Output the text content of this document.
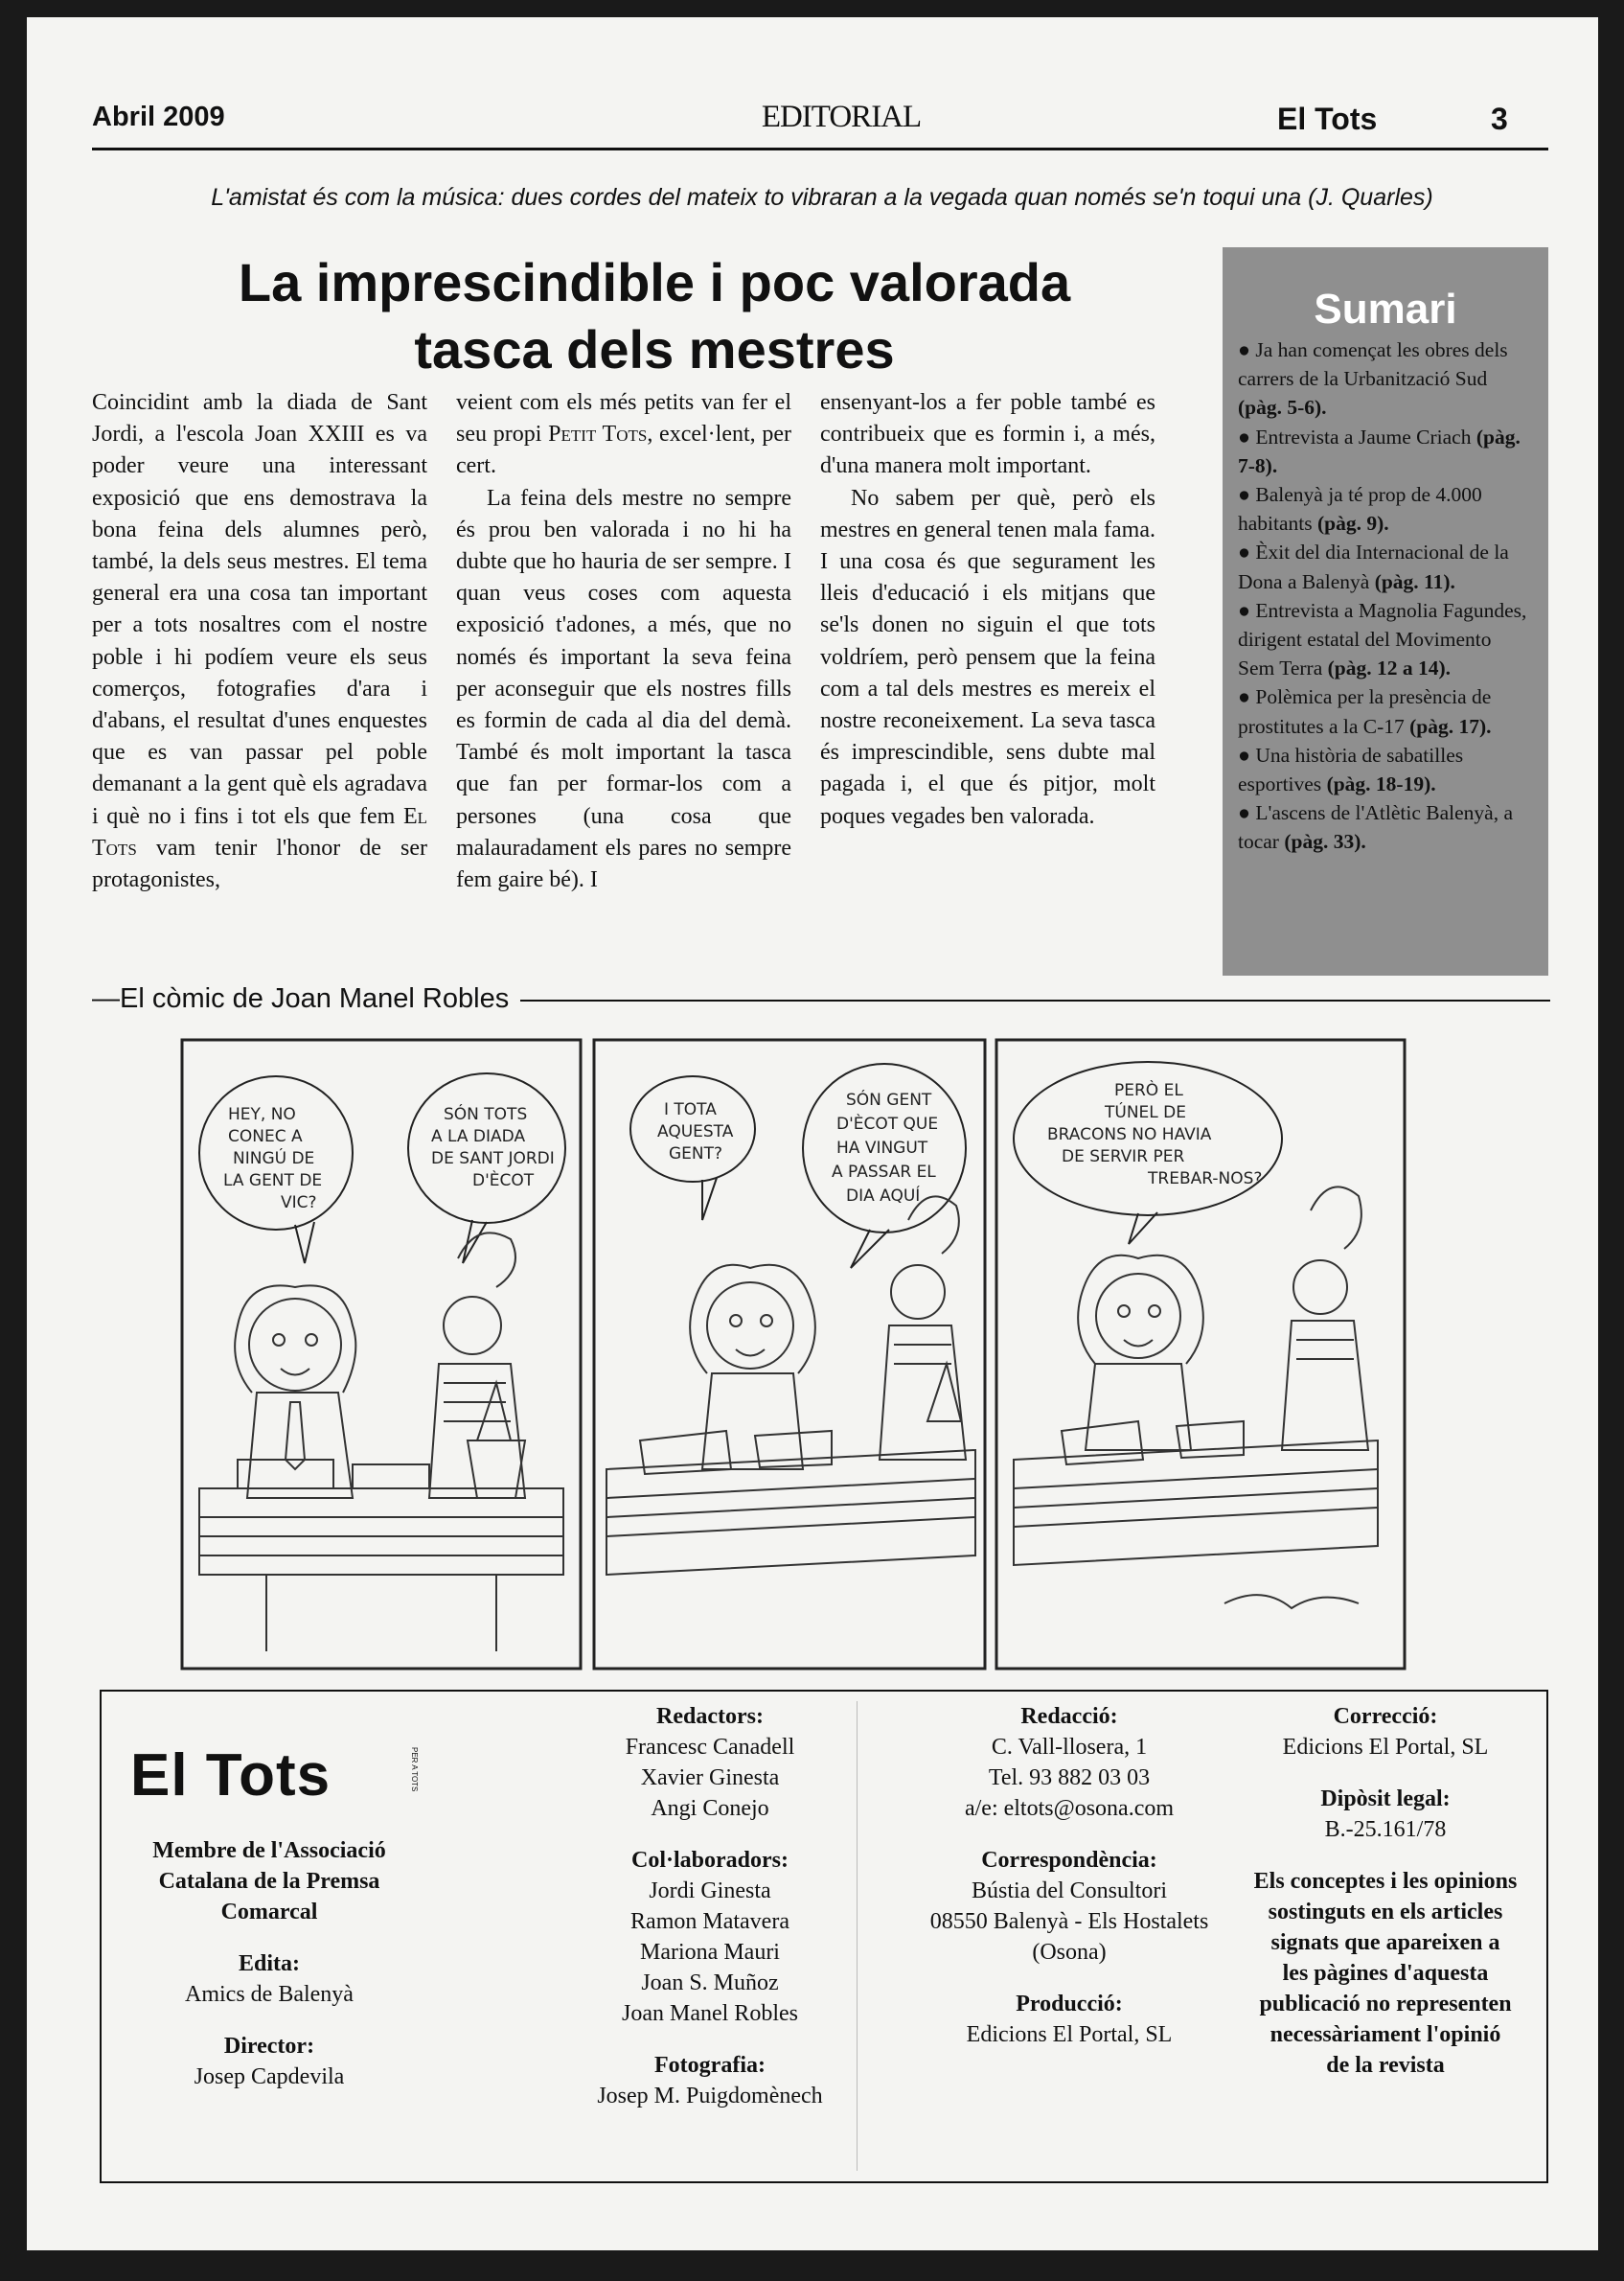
Abril 2009	EDITORIAL	El Tots	3
L'amistat és com la música: dues cordes del mateix to vibraran a la vegada quan només se'n toqui una (J. Quarles)
La imprescindible i poc valorada
tasca dels mestres

Coincidint amb la diada de Sant Jordi, a l'escola Joan XXIII es va poder veure una interessant exposició que ens demostrava la bona feina dels alumnes però, també, la dels seus mestres. El tema general era una cosa tan important per a tots nosaltres com el nostre poble i hi podíem veure els seus comerços, fotografies d'ara i d'abans, el resultat d'unes enquestes que es van passar pel poble demanant a la gent què els agradava i què no i fins i tot els que fem El Tots vam tenir l'honor de ser protagonistes,

veient com els més petits van fer el seu propi Petit Tots, excel·lent, per cert.

La feina dels mestre no sempre és prou ben valorada i no hi ha dubte que ho hauria de ser sempre. I quan veus coses com aquesta exposició t'adones, a més, que no només és important la seva feina per aconseguir que els nostres fills es formin de cada al dia del demà. També és molt important la tasca que fan per formar-los com a persones (una cosa que malauradament els pares no sempre fem gaire bé). I

ensenyant-los a fer poble també es contribueix que es formin i, a més, d'una manera molt important.

No sabem per què, però els mestres en general tenen mala fama. I una cosa és que segurament les lleis d'educació i els mitjans que se'ls donen no siguin el que tots voldríem, però pensem que la feina com a tal dels mestres es mereix el nostre reconeixement. La seva tasca és imprescindible, sens dubte mal pagada i, el que és pitjor, molt poques vegades ben valorada.

Sumari
● Ja han començat les obres dels carrers de la Urbanització Sud (pàg. 5-6).
● Entrevista a Jaume Criach (pàg. 7-8).
● Balenyà ja té prop de 4.000 habitants (pàg. 9).
● Èxit del dia Internacional de la Dona a Balenyà (pàg. 11).
● Entrevista a Magnolia Fagundes, dirigent estatal del Movimento Sem Terra (pàg. 12 a 14).
● Polèmica per la presència de prostitutes a la C-17 (pàg. 17).
● Una història de sabatilles esportives (pàg. 18-19).
● L'ascens de l'Atlètic Balenyà, a tocar (pàg. 33).
—El còmic de Joan Manel Robles
HEY, NO
CONEC A
NINGÚ DE
LA GENT DE
VIC?
SÓN TOTS
A LA DIADA
DE SANT JORDI
D'ÈCOT
I TOTA
AQUESTA
GENT?
SÓN GENT
D'ÈCOT QUE
HA VINGUT
A PASSAR EL
DIA AQUÍ
PERÒ EL
TÚNEL DE
BRACONS NO HAVIA
DE SERVIR PER
TREBAR-NOS?
El Tots	PER A TOTS
Membre de l'Associació
Catalana de la Premsa
Comarcal
Edita:
Amics de Balenyà
Director:
Josep Capdevila
Redactors:
Francesc Canadell
Xavier Ginesta
Angi Conejo
Col·laboradors:
Jordi Ginesta
Ramon Matavera
Mariona Mauri
Joan S. Muñoz
Joan Manel Robles
Fotografia:
Josep M. Puigdomènech
Redacció:
C. Vall-llosera, 1
Tel. 93 882 03 03
a/e: eltots@osona.com
Correspondència:
Bústia del Consultori
08550 Balenyà - Els Hostalets
(Osona)
Producció:
Edicions El Portal, SL
Correcció:
Edicions El Portal, SL
Dipòsit legal:
B.-25.161/78
Els conceptes i les opinions
sostinguts en els articles
signats que apareixen a
les pàgines d'aquesta
publicació no representen
necessàriament l'opinió
de la revista
